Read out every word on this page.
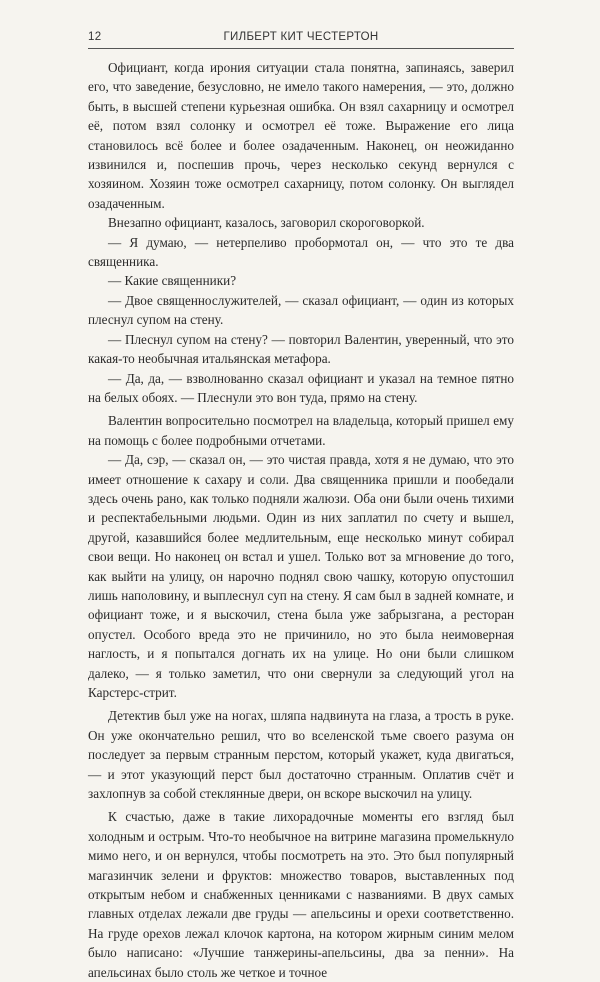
12	ГИЛБЕРТ КИТ ЧЕСТЕРТОН

Официант, когда ирония ситуации стала понятна, запинаясь, заверил его, что заведение, безусловно, не имело такого намерения, — это, должно быть, в высшей степени курьезная ошибка. Он взял сахарницу и осмотрел её, потом взял солонку и осмотрел её тоже. Выражение его лица становилось всё более и более озадаченным. Наконец, он неожиданно извинился и, поспешив прочь, через несколько секунд вернулся с хозяином. Хозяин тоже осмотрел сахарницу, потом солонку. Он выглядел озадаченным.

Внезапно официант, казалось, заговорил скороговоркой.

— Я думаю, — нетерпеливо пробормотал он, — что это те два священника.

— Какие священники?

— Двое священнослужителей, — сказал официант, — один из которых плеснул супом на стену.

— Плеснул супом на стену? — повторил Валентин, уверенный, что это какая-то необычная итальянская метафора.

— Да, да, — взволнованно сказал официант и указал на темное пятно на белых обоях. — Плеснули это вон туда, прямо на стену.

Валентин вопросительно посмотрел на владельца, который пришел ему на помощь с более подробными отчетами.

— Да, сэр, — сказал он, — это чистая правда, хотя я не думаю, что это имеет отношение к сахару и соли. Два священника пришли и пообедали здесь очень рано, как только подняли жалюзи. Оба они были очень тихими и респектабельными людьми. Один из них заплатил по счету и вышел, другой, казавшийся более медлительным, еще несколько минут собирал свои вещи. Но наконец он встал и ушел. Только вот за мгновение до того, как выйти на улицу, он нарочно поднял свою чашку, которую опустошил лишь наполовину, и выплеснул суп на стену. Я сам был в задней комнате, и официант тоже, и я выскочил, стена была уже забрызгана, а ресторан опустел. Особого вреда это не причинило, но это была неимоверная наглость, и я попытался догнать их на улице. Но они были слишком далеко, — я только заметил, что они свернули за следующий угол на Карстерс-стрит.

Детектив был уже на ногах, шляпа надвинута на глаза, а трость в руке. Он уже окончательно решил, что во вселенской тьме своего разума он последует за первым странным перстом, который укажет, куда двигаться, — и этот указующий перст был достаточно странным. Оплатив счёт и захлопнув за собой стеклянные двери, он вскоре выскочил на улицу.

К счастью, даже в такие лихорадочные моменты его взгляд был холодным и острым. Что-то необычное на витрине магазина промелькнуло мимо него, и он вернулся, чтобы посмотреть на это. Это был популярный магазинчик зелени и фруктов: множество товаров, выставленных под открытым небом и снабженных ценниками с названиями. В двух самых главных отделах лежали две груды — апельсины и орехи соответственно. На груде орехов лежал клочок картона, на котором жирным синим мелом было написано: «Лучшие танжерины-апельсины, два за пенни». На апельсинах было столь же четкое и точное
